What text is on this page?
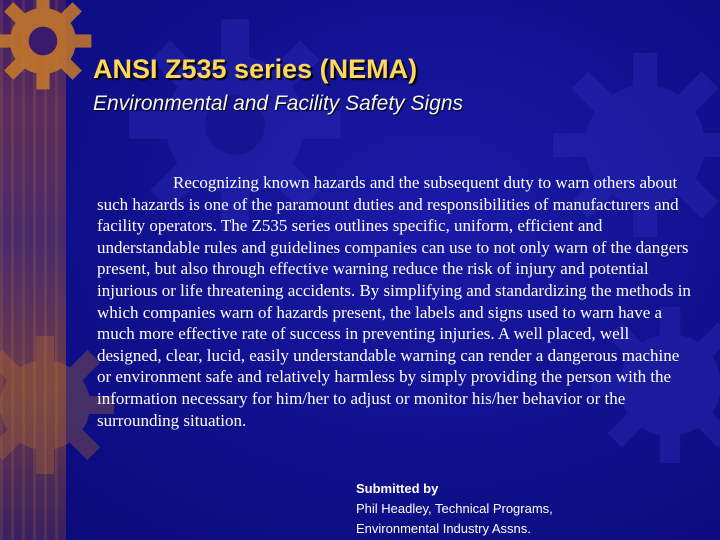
ANSI Z535 series (NEMA)
Environmental and Facility Safety Signs

Recognizing known hazards and the subsequent duty to warn others about such hazards is one of the paramount duties and responsibilities of manufacturers and facility operators. The Z535 series outlines specific, uniform, efficient and understandable rules and guidelines companies can use to not only warn of the dangers present, but also through effective warning reduce the risk of injury and potential injurious or life threatening accidents. By simplifying and standardizing the methods in which companies warn of hazards present, the labels and signs used to warn have a much more effective rate of success in preventing injuries. A well placed, well designed, clear, lucid, easily understandable warning can render a dangerous machine or environment safe and relatively harmless by simply providing the person with the information necessary for him/her to adjust or monitor his/her behavior or the surrounding situation.

Submitted by
Phil Headley, Technical Programs,
Environmental Industry Assns.
